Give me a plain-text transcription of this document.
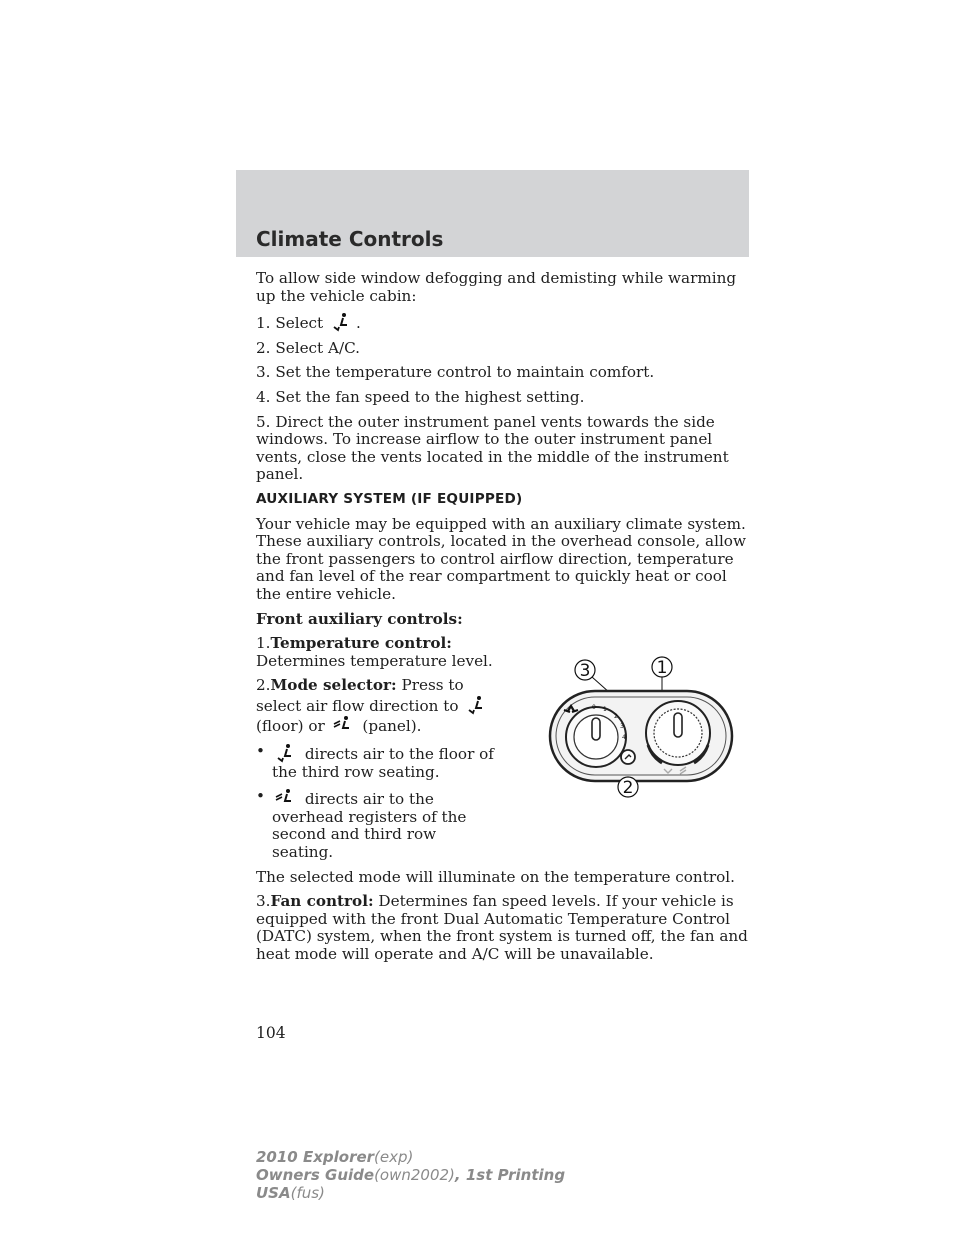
Climate Controls

To allow side window defogging and demisting while warming up the vehicle cabin:

1. Select .

2. Select A/C.

3. Set the temperature control to maintain comfort.

4. Set the fan speed to the highest setting.

5. Direct the outer instrument panel vents towards the side windows. To increase airflow to the outer instrument panel vents, close the vents located in the middle of the instrument panel.

AUXILIARY SYSTEM (IF EQUIPPED)

Your vehicle may be equipped with an auxiliary climate system. These auxiliary controls, located in the overhead console, allow the front passengers to control airflow direction, temperature and fan level of the rear compartment to quickly heat or cool the entire vehicle.

Front auxiliary controls:

1.Temperature control:
Determines temperature level.

2.Mode selector: Press to select air flow direction to  (floor) or (panel).

•	directs air to the floor of the third row seating.
•	directs air to the overhead registers of the second and third row seating.
0 1
2
3
4
3	1
2

The selected mode will illuminate on the temperature control.

3.Fan control: Determines fan speed levels. If your vehicle is equipped with the front Dual Automatic Temperature Control (DATC) system, when the front system is turned off, the fan and heat mode will operate and A/C will be unavailable.

104
2010 Explorer(exp)
Owners Guide(own2002), 1st Printing
USA(fus)
